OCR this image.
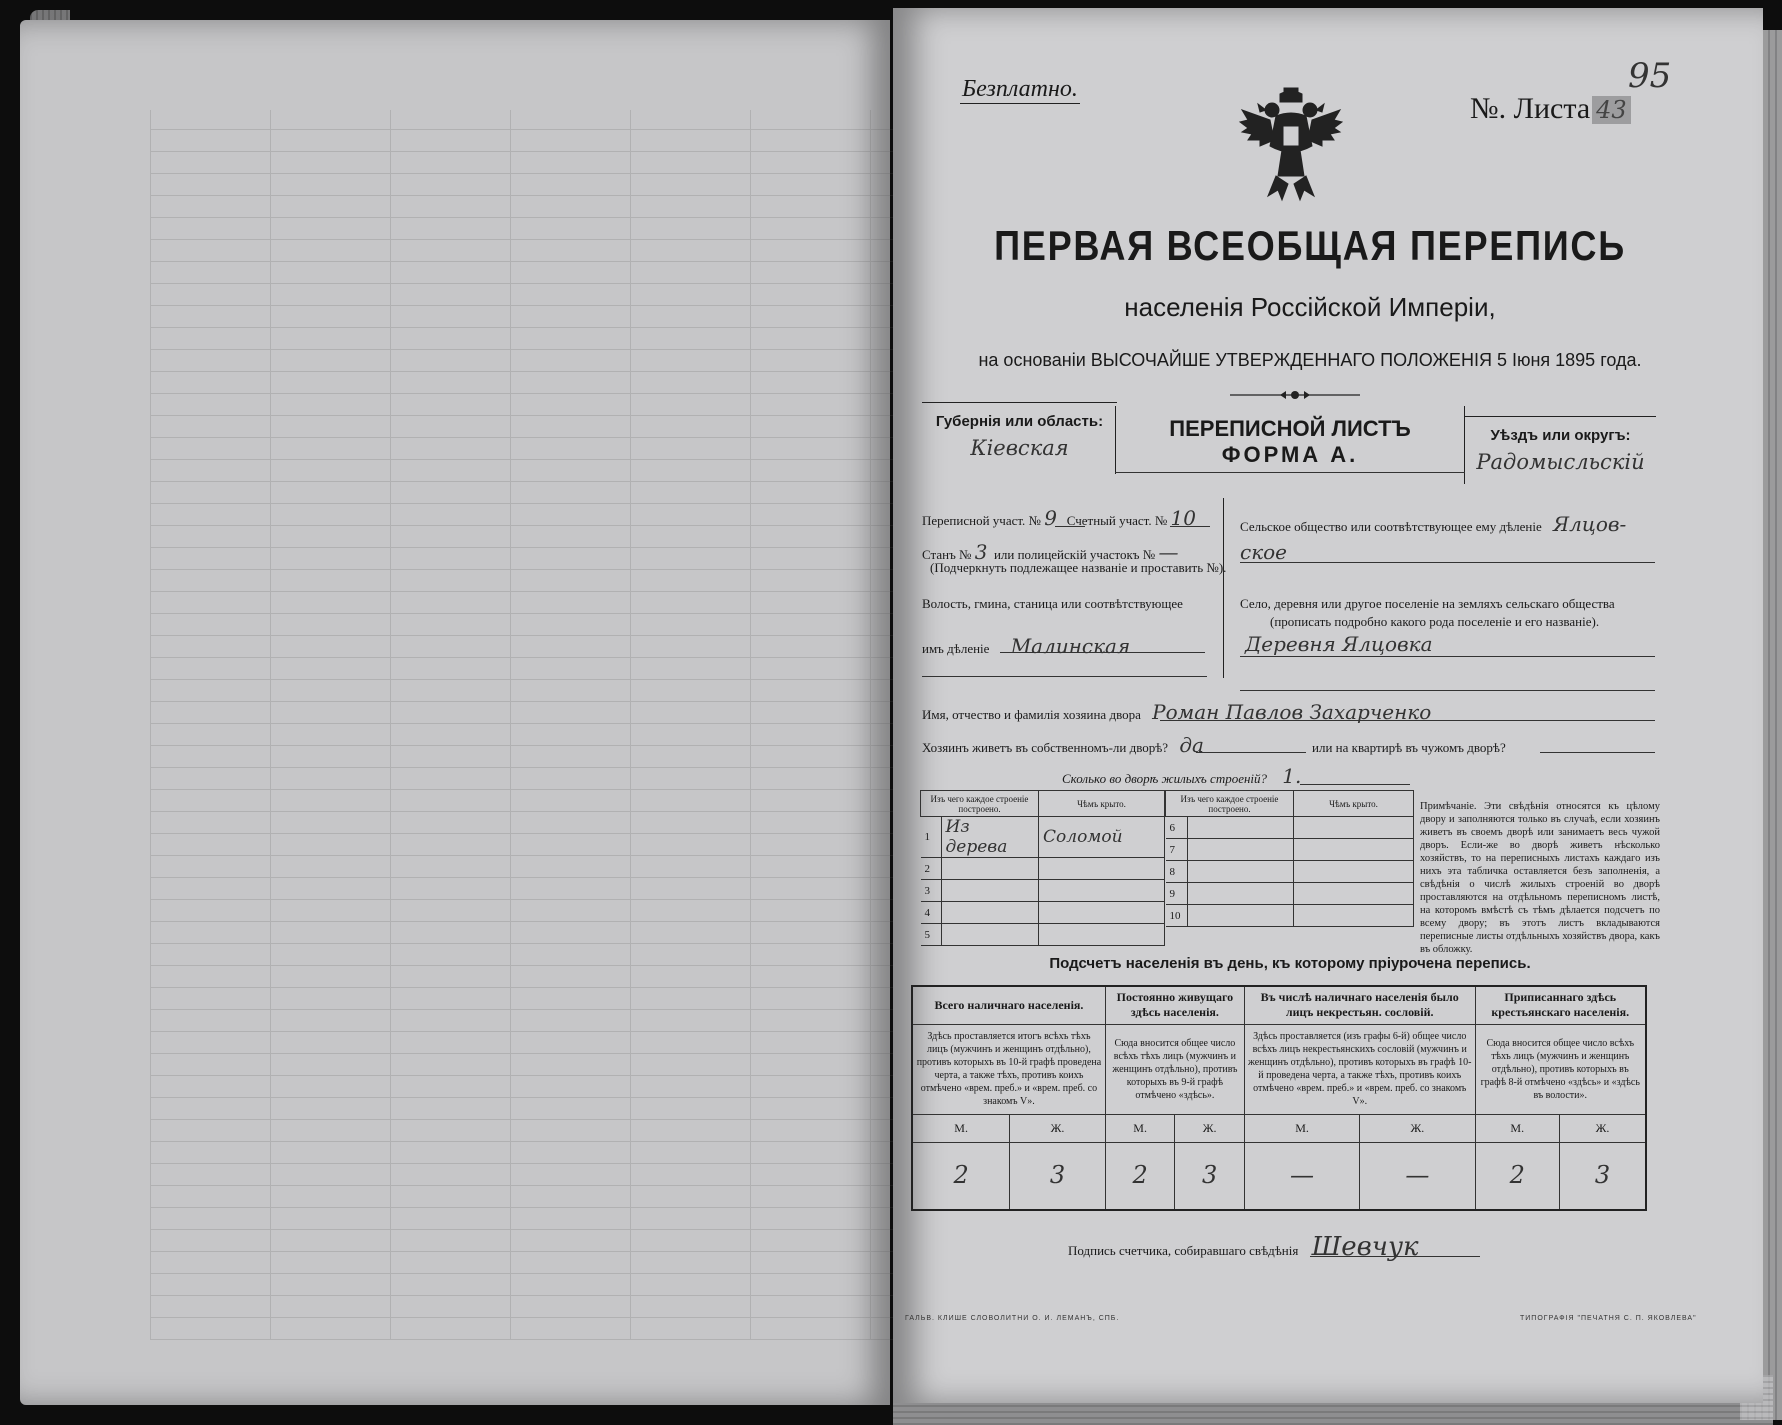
Безплатно.	95
№. Листа 43
ПЕРВАЯ ВСЕОБЩАЯ ПЕРЕПИСЬ
населенія Россійской Имперіи,
на основаніи ВЫСОЧАЙШЕ УТВЕРЖДЕННАГО ПОЛОЖЕНІЯ 5 Іюня 1895 года.
Губернія или область:
Кіевская
ПЕРЕПИСНОЙ ЛИСТЪ
ФОРМА А.
Уѣздъ или округъ:
Радомысльскій
Переписной участ. № 9 Счетный участ. № 10
Станъ № 3 или полицейскій участокъ № —
(Подчеркнуть подлежащее названіе и проставить №).
Волость, гмина, станица или соотвѣтствующее
имъ дѣленіе Малинская
Сельское общество или соотвѣтствующее ему дѣленіе Ялцов-
ское
Село, деревня или другое поселеніе на земляхъ сельскаго общества
(прописать подробно какого рода поселеніе и его названіе).
Деревня Ялцовка
Имя, отчество и фамилія хозяина двора Роман Павлов Захарченко
Хозяинъ живетъ въ собственномъ-ли дворѣ? да	или на квартирѣ въ чужомъ дворѣ?
Сколько во дворѣ жилыхъ строеній? 1.
Изъ чего каждое строеніе построено.		Чѣмъ крыто.
1	Из дерева	Соломой
2		
3		
4		
5		
Изъ чего каждое строеніе построено.		Чѣмъ крыто.
6		
7		
8		
9		
10		
Примѣчаніе. Эти свѣдѣнія относятся къ цѣлому двору и заполняются только въ случаѣ, если хозяинъ живетъ въ своемъ дворѣ или занимаетъ весь чужой дворъ. Если-же во дворѣ живетъ нѣсколько хозяйствъ, то на переписныхъ листахъ каждаго изъ нихъ эта табличка оставляется безъ заполненія, а свѣдѣнія о числѣ жилыхъ строеній во дворѣ проставляются на отдѣльномъ переписномъ листѣ, на которомъ вмѣстѣ съ тѣмъ дѣлается подсчетъ по всему двору; въ этотъ листъ вкладываются переписные листы отдѣльныхъ хозяйствъ двора, какъ въ обложку.
Подсчетъ населенія въ день, къ которому пріурочена перепись.
Всего наличнаго населенія.		Постоянно живущаго здѣсь населенія.		Въ числѣ наличнаго населенія было лицъ некрестьян. сословій.		Приписаннаго здѣсь крестьянскаго населенія.	
Здѣсь проставляется итогъ всѣхъ тѣхъ лицъ (мужчинъ и женщинъ отдѣльно), противъ которыхъ въ 10-й графѣ проведена черта, а также тѣхъ, противъ коихъ отмѣчено «врем. преб.» и «врем. преб. со знакомъ V».		Сюда вносится общее число всѣхъ тѣхъ лицъ (мужчинъ и женщинъ отдѣльно), противъ которыхъ въ 9-й графѣ отмѣчено «здѣсь».		Здѣсь проставляется (изъ графы 6-й) общее число всѣхъ лицъ некрестьянскихъ сословій (мужчинъ и женщинъ отдѣльно), противъ которыхъ въ графѣ 10-й проведена черта, а также тѣхъ, противъ коихъ отмѣчено «врем. преб.» и «врем. преб. со знакомъ V».		Сюда вносится общее число всѣхъ тѣхъ лицъ (мужчинъ и женщинъ отдѣльно), противъ которыхъ въ графѣ 8-й отмѣчено «здѣсь» и «здѣсь въ волости».	
М.	Ж.	М.	Ж.	М.	Ж.	М.	Ж.
2	3	2	3	—	—	2	3
Подпись счетчика, собиравшаго свѣдѣнія Шевчук
ГАЛЬВ. КЛИШЕ СЛОВОЛИТНИ О. И. ЛЕМАНЪ, СПБ.	ТИПОГРАФІЯ "ПЕЧАТНЯ С. П. ЯКОВЛЕВА"
